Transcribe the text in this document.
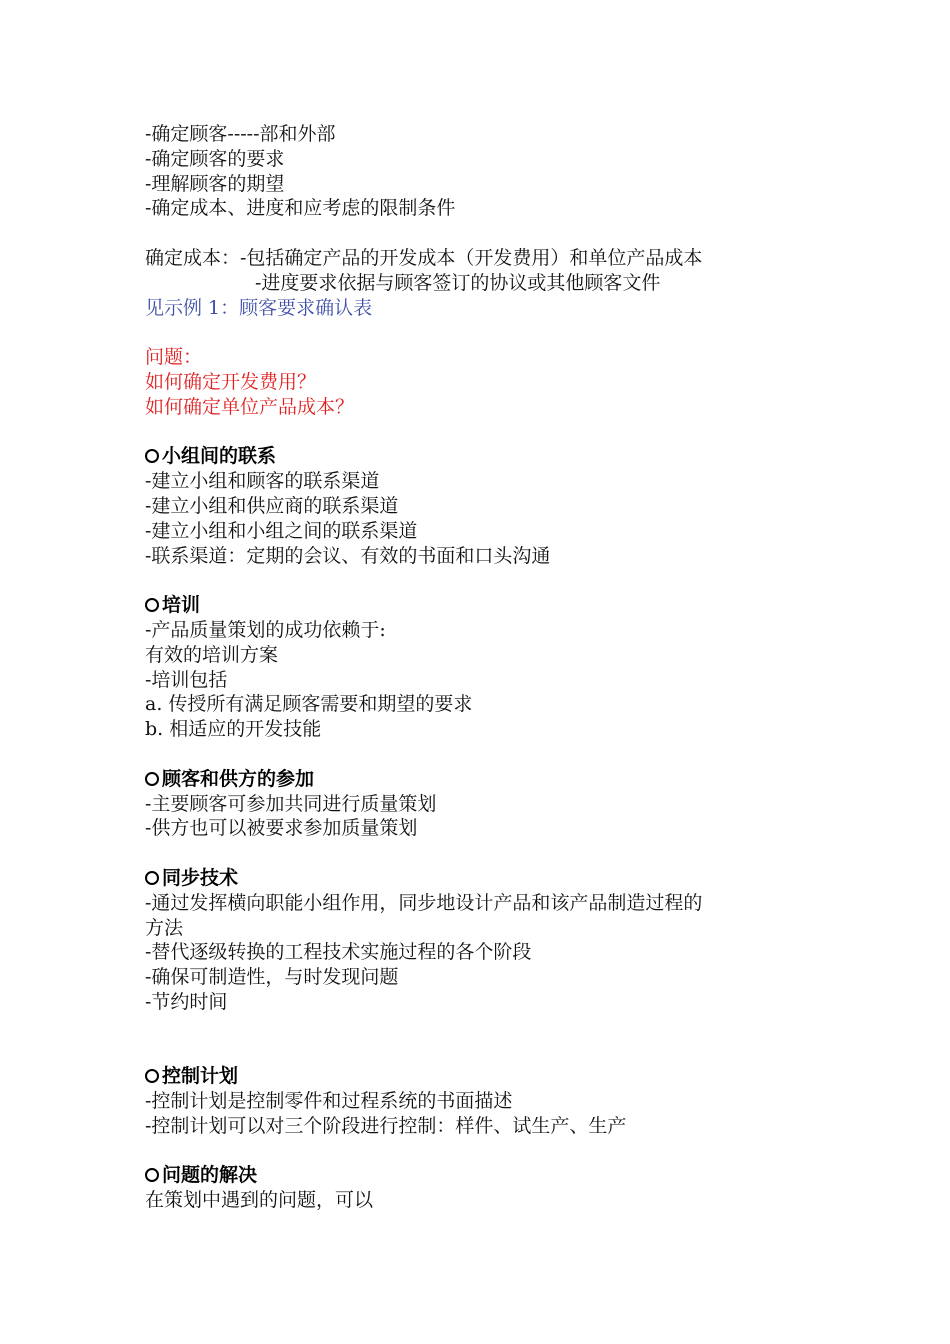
-确定顾客-----部和外部
-确定顾客的要求
-理解顾客的期望
-确定成本、进度和应考虑的限制条件
确定成本：-包括确定产品的开发成本（开发费用）和单位产品成本
-进度要求依据与顾客签订的协议或其他顾客文件
见示例 1：顾客要求确认表
问题：
如何确定开发费用？
如何确定单位产品成本？
小组间的联系
-建立小组和顾客的联系渠道
-建立小组和供应商的联系渠道
-建立小组和小组之间的联系渠道
-联系渠道：定期的会议、有效的书面和口头沟通
培训
-产品质量策划的成功依赖于:
有效的培训方案
-培训包括
a. 传授所有满足顾客需要和期望的要求
b. 相适应的开发技能
顾客和供方的参加
-主要顾客可参加共同进行质量策划
-供方也可以被要求参加质量策划
同步技术
-通过发挥横向职能小组作用，同步地设计产品和该产品制造过程的
方法
-替代逐级转换的工程技术实施过程的各个阶段
-确保可制造性，与时发现问题
-节约时间
控制计划
-控制计划是控制零件和过程系统的书面描述
-控制计划可以对三个阶段进行控制：样件、试生产、生产
问题的解决
在策划中遇到的问题，可以
